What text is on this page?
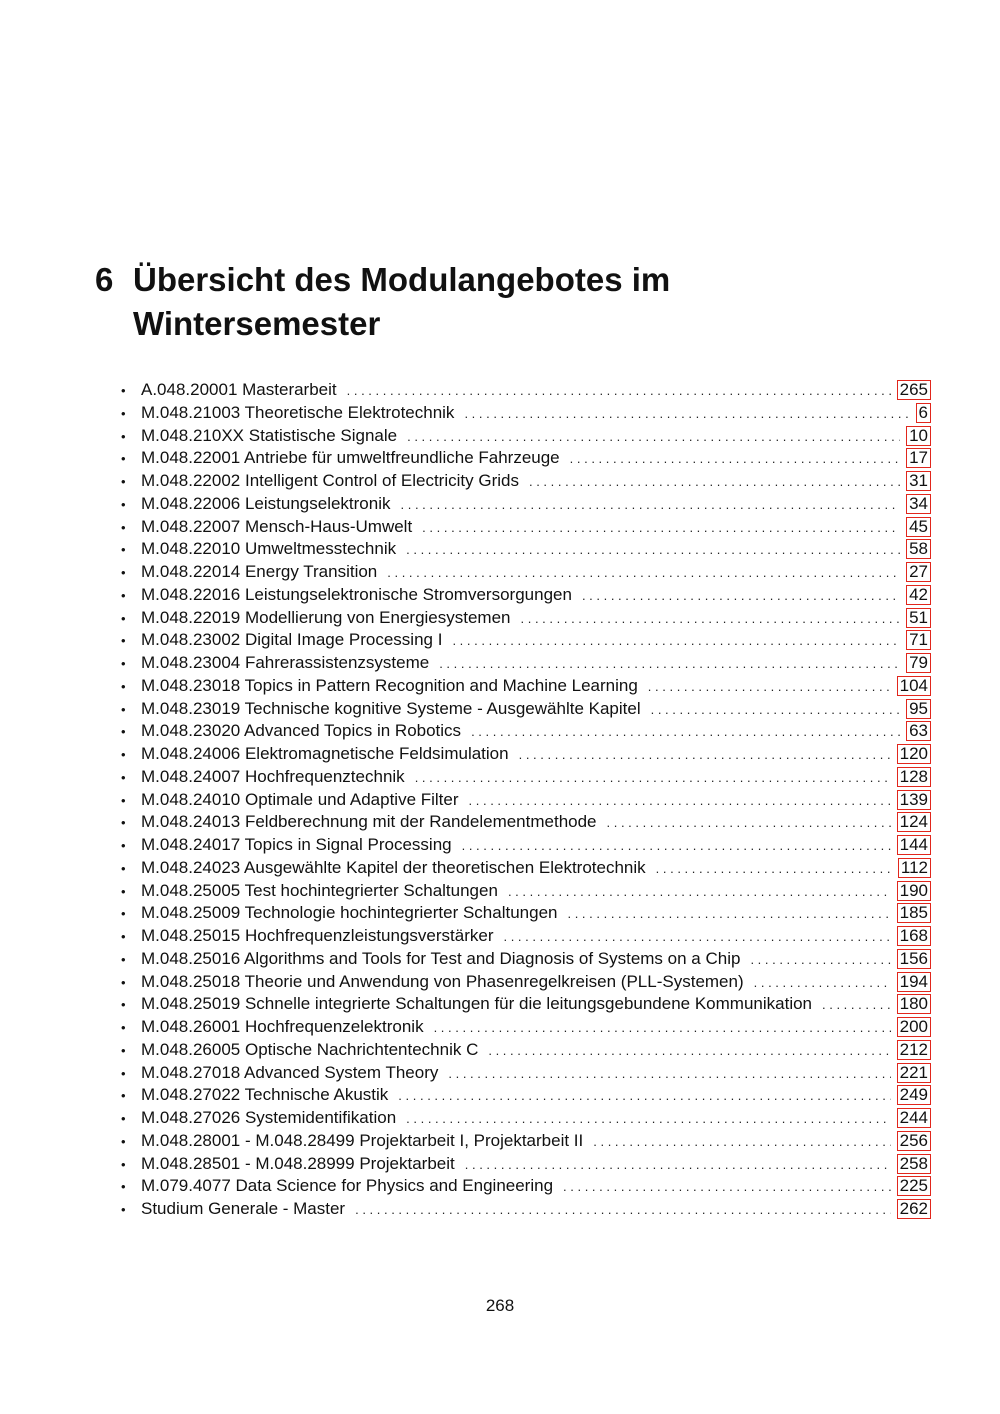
6 Übersicht des Modulangebotes im Wintersemester
• A.048.20001 Masterarbeit . . .	265
• M.048.21003 Theoretische Elektrotechnik . . .	6
• M.048.210XX Statistische Signale . . .	10
• M.048.22001 Antriebe für umweltfreundliche Fahrzeuge . . .	17
• M.048.22002 Intelligent Control of Electricity Grids . . .	31
• M.048.22006 Leistungselektronik . . .	34
• M.048.22007 Mensch-Haus-Umwelt . . .	45
• M.048.22010 Umweltmesstechnik . . .	58
• M.048.22014 Energy Transition . . .	27
• M.048.22016 Leistungselektronische Stromversorgungen . . .	42
• M.048.22019 Modellierung von Energiesystemen . . .	51
• M.048.23002 Digital Image Processing I . . .	71
• M.048.23004 Fahrerassistenzsysteme . . .	79
• M.048.23018 Topics in Pattern Recognition and Machine Learning . . .	104
• M.048.23019 Technische kognitive Systeme - Ausgewählte Kapitel . . .	95
• M.048.23020 Advanced Topics in Robotics . . .	63
• M.048.24006 Elektromagnetische Feldsimulation . . .	120
• M.048.24007 Hochfrequenztechnik . . .	128
• M.048.24010 Optimale und Adaptive Filter . . .	139
• M.048.24013 Feldberechnung mit der Randelementmethode . . .	124
• M.048.24017 Topics in Signal Processing . . .	144
• M.048.24023 Ausgewählte Kapitel der theoretischen Elektrotechnik . . .	112
• M.048.25005 Test hochintegrierter Schaltungen . . .	190
• M.048.25009 Technologie hochintegrierter Schaltungen . . .	185
• M.048.25015 Hochfrequenzleistungsverstärker . . .	168
• M.048.25016 Algorithms and Tools for Test and Diagnosis of Systems on a Chip . . .	156
• M.048.25018 Theorie und Anwendung von Phasenregelkreisen (PLL-Systemen) . . .	194
• M.048.25019 Schnelle integrierte Schaltungen für die leitungsgebundene Kommunikation . . .	180
• M.048.26001 Hochfrequenzelektronik . . .	200
• M.048.26005 Optische Nachrichtentechnik C . . .	212
• M.048.27018 Advanced System Theory . . .	221
• M.048.27022 Technische Akustik . . .	249
• M.048.27026 Systemidentifikation . . .	244
• M.048.28001 - M.048.28499 Projektarbeit I, Projektarbeit II . . .	256
• M.048.28501 - M.048.28999 Projektarbeit . . .	258
• M.079.4077 Data Science for Physics and Engineering . . .	225
• Studium Generale - Master . . .	262
268
